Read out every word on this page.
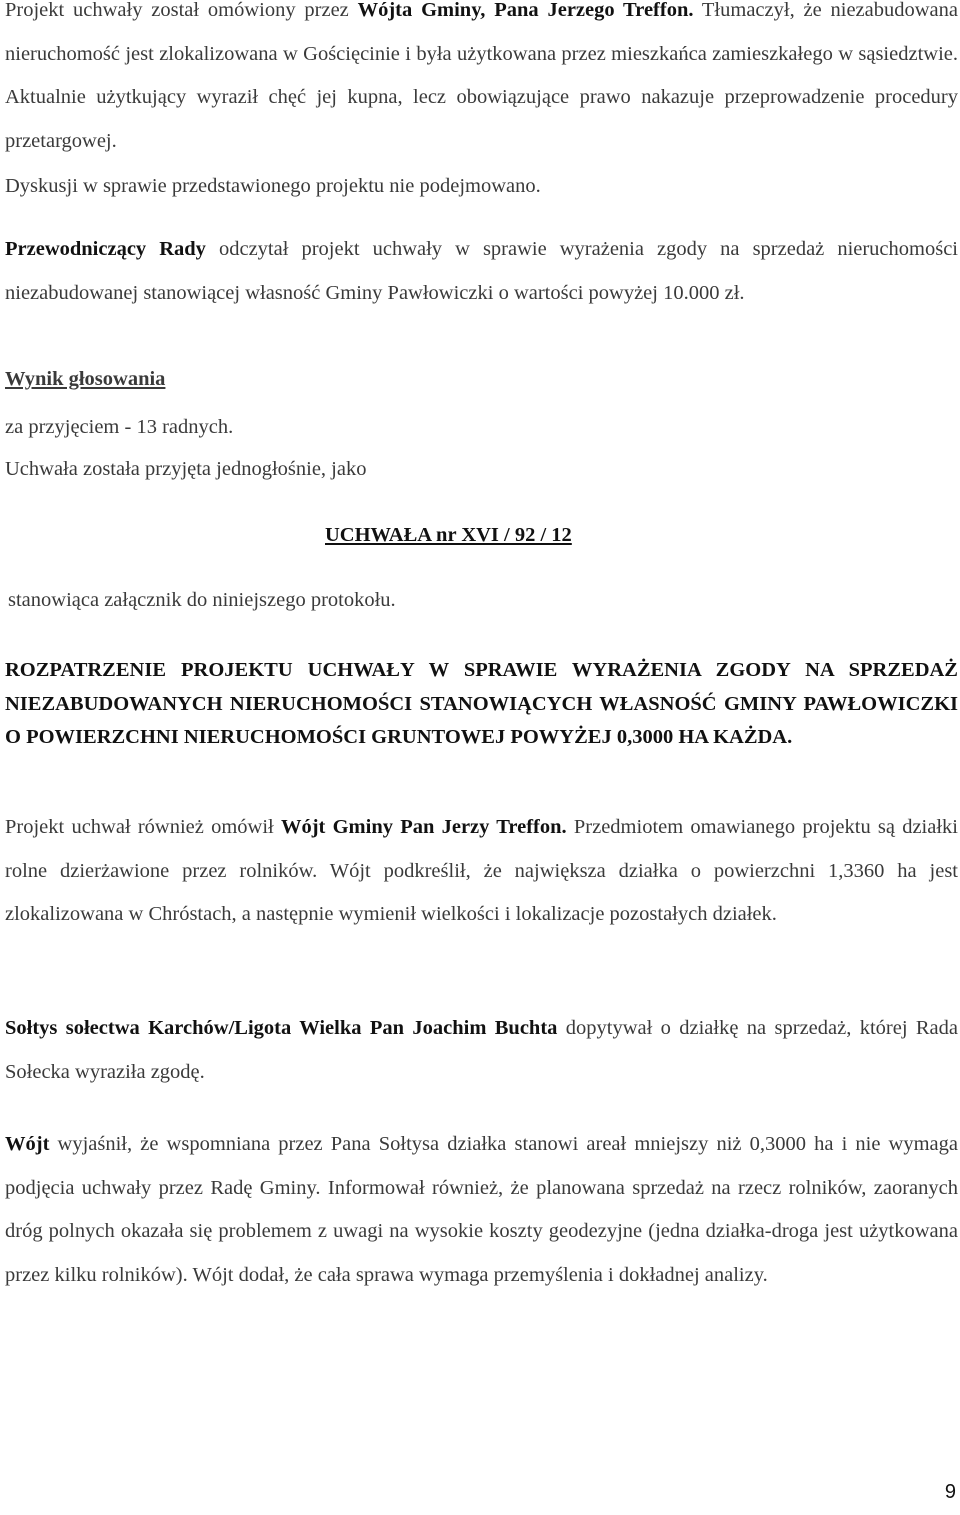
Projekt uchwały został omówiony przez Wójta Gminy, Pana Jerzego Treffon. Tłumaczył, że niezabudowana nieruchomość jest zlokalizowana w Gościęcinie i była użytkowana przez mieszkańca zamieszkałego w sąsiedztwie. Aktualnie użytkujący wyraził chęć jej kupna, lecz obowiązujące prawo nakazuje przeprowadzenie procedury przetargowej.

Dyskusji w sprawie przedstawionego projektu nie podejmowano.

Przewodniczący Rady odczytał projekt uchwały w sprawie wyrażenia zgody na sprzedaż nieruchomości niezabudowanej stanowiącej własność Gminy Pawłowiczki o wartości powyżej 10.000 zł.

Wynik głosowania

za przyjęciem - 13 radnych.

Uchwała została przyjęta jednogłośnie, jako

UCHWAŁA nr XVI / 92 / 12

stanowiąca załącznik do niniejszego protokołu.

ROZPATRZENIE PROJEKTU UCHWAŁY W SPRAWIE WYRAŻENIA ZGODY NA SPRZEDAŻ NIEZABUDOWANYCH NIERUCHOMOŚCI STANOWIĄCYCH WŁASNOŚĆ GMINY PAWŁOWICZKI O POWIERZCHNI NIERUCHOMOŚCI GRUNTOWEJ POWYŻEJ 0,3000 HA KAŻDA.

Projekt uchwał również omówił Wójt Gminy Pan Jerzy Treffon. Przedmiotem omawianego projektu są działki rolne dzierżawione przez rolników. Wójt podkreślił, że największa działka o powierzchni 1,3360 ha jest zlokalizowana w Chróstach, a następnie wymienił wielkości i lokalizacje pozostałych działek.

Sołtys sołectwa Karchów/Ligota Wielka Pan Joachim Buchta dopytywał o działkę na sprzedaż, której Rada Sołecka wyraziła zgodę.

Wójt wyjaśnił, że wspomniana przez Pana Sołtysa działka stanowi areał mniejszy niż 0,3000 ha i nie wymaga podjęcia uchwały przez Radę Gminy. Informował również, że planowana sprzedaż na rzecz rolników, zaoranych dróg polnych okazała się problemem z uwagi na wysokie koszty geodezyjne (jedna działka-droga jest użytkowana przez kilku rolników). Wójt dodał, że cała sprawa wymaga przemyślenia i dokładnej analizy.

9
